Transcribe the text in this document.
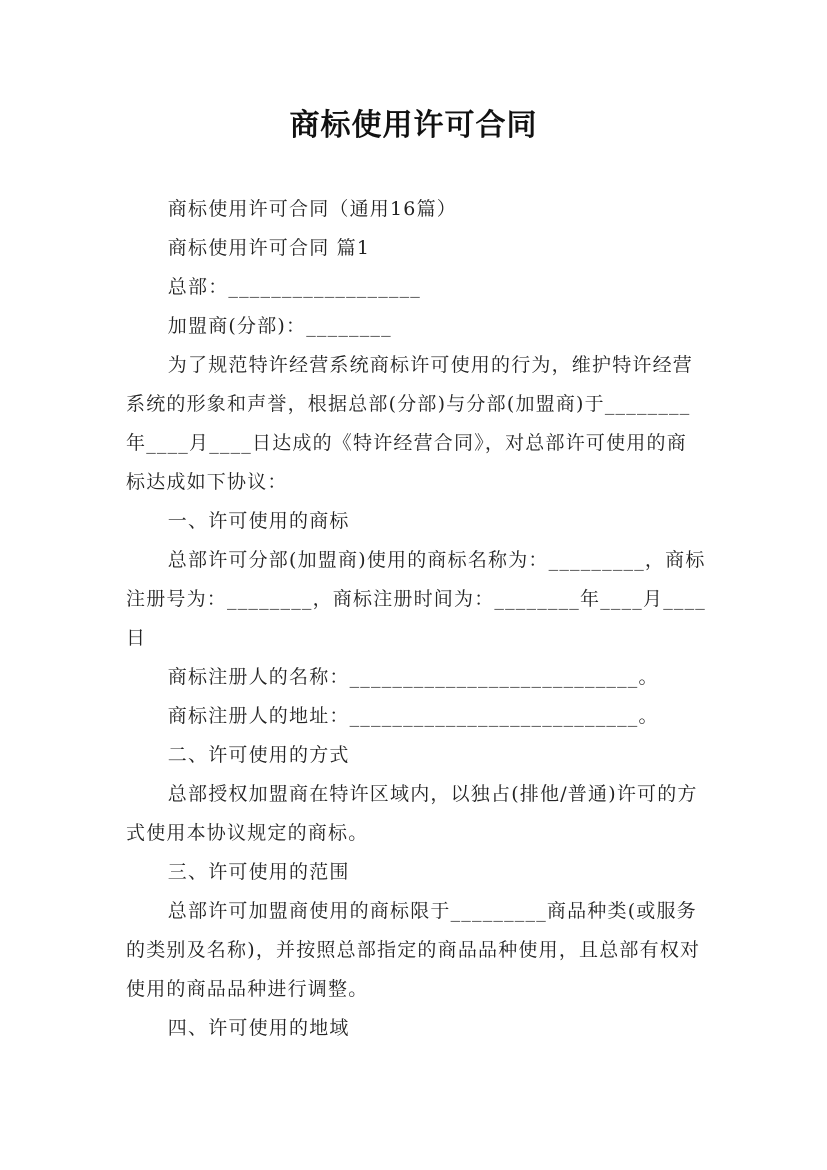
商标使用许可合同

商标使用许可合同（通用16篇）

商标使用许可合同 篇1

总部：__________________

加盟商(分部)：________

为了规范特许经营系统商标许可使用的行为，维护特许经营系统的形象和声誉，根据总部(分部)与分部(加盟商)于________年____月____日达成的《特许经营合同》，对总部许可使用的商标达成如下协议：

一、许可使用的商标

总部许可分部(加盟商)使用的商标名称为：_________，商标注册号为：________，商标注册时间为：________年____月____日

商标注册人的名称：___________________________。

商标注册人的地址：___________________________。

二、许可使用的方式

总部授权加盟商在特许区域内，以独占(排他/普通)许可的方式使用本协议规定的商标。

三、许可使用的范围

总部许可加盟商使用的商标限于_________商品种类(或服务的类别及名称)，并按照总部指定的商品品种使用，且总部有权对使用的商品品种进行调整。

四、许可使用的地域
